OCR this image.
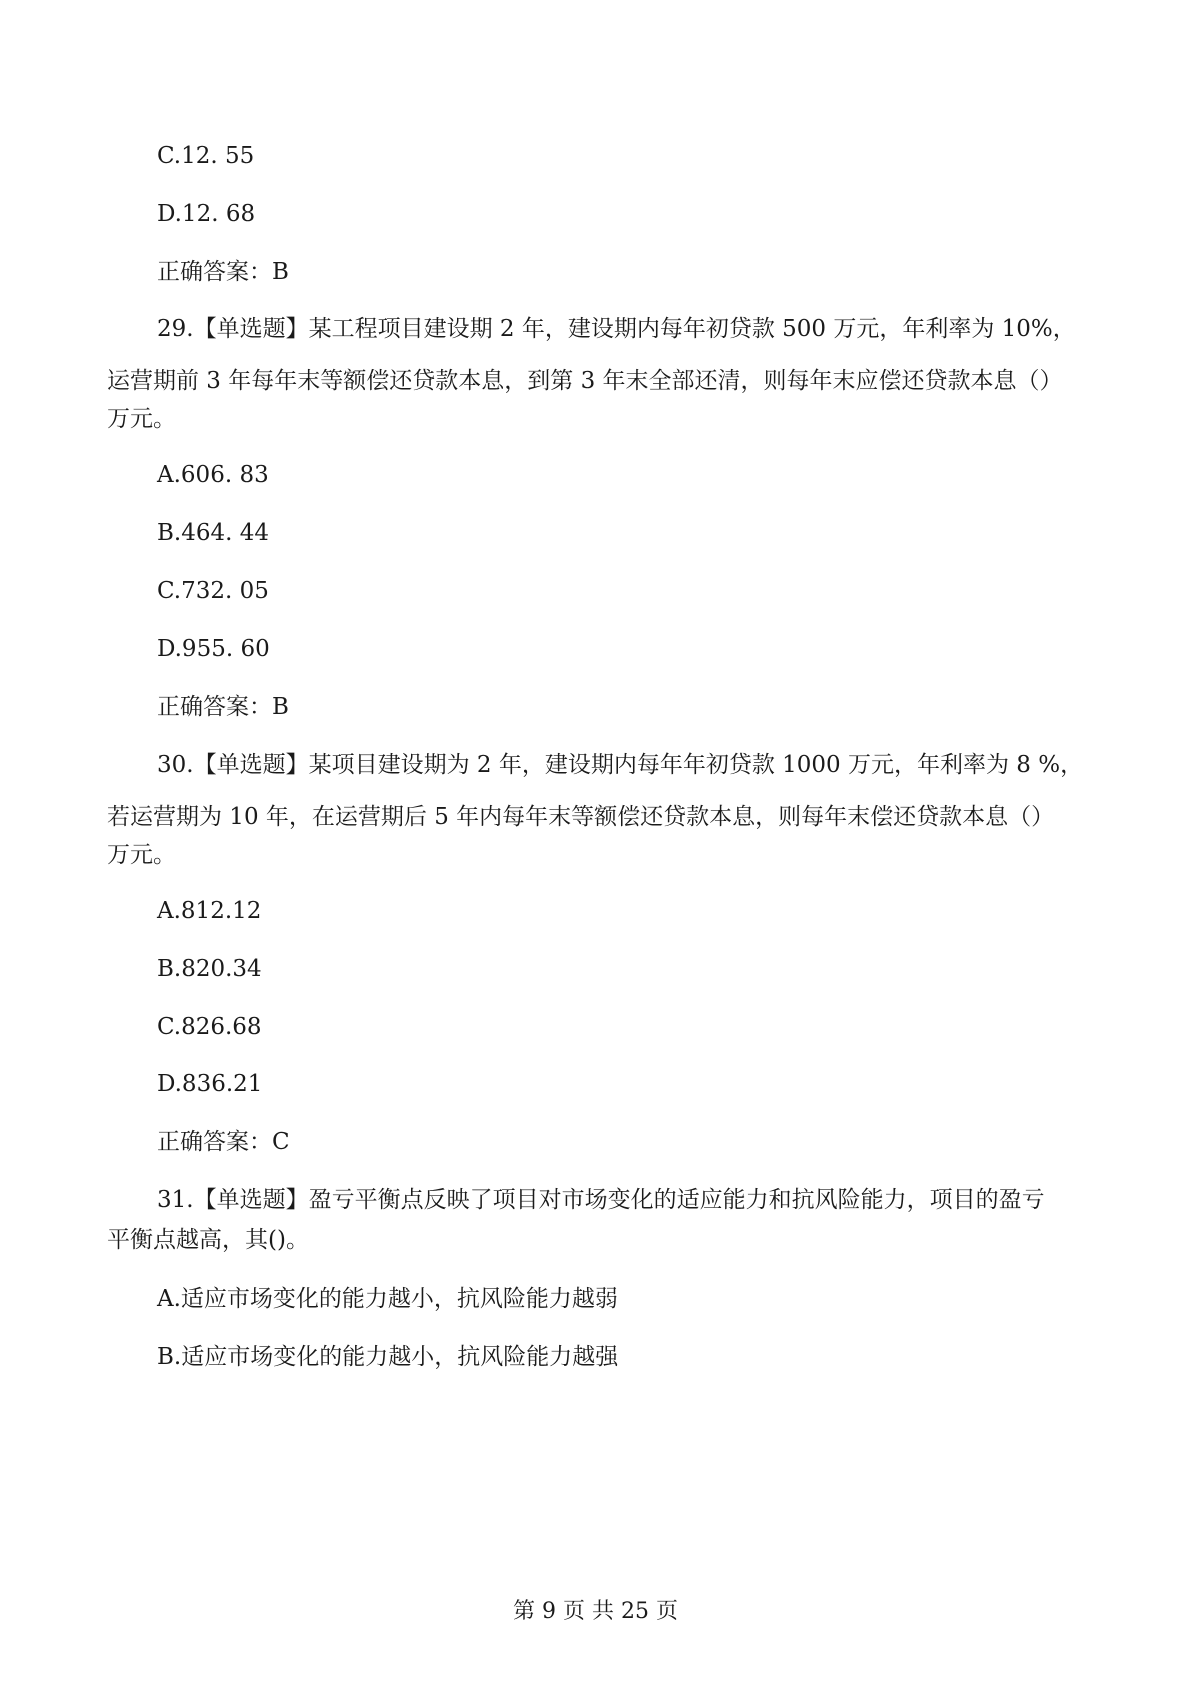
C.12. 55

D.12. 68

正确答案：B

29.【单选题】某工程项目建设期 2 年，建设期内每年初贷款 500 万元，年利率为 10%，

运营期前 3 年每年末等额偿还贷款本息，到第 3 年末全部还清，则每年末应偿还贷款本息（）

万元。

A.606. 83

B.464. 44

C.732. 05

D.955. 60

正确答案：B

30.【单选题】某项目建设期为 2 年，建设期内每年年初贷款 1000 万元，年利率为 8 %，

若运营期为 10 年，在运营期后 5 年内每年末等额偿还贷款本息，则每年末偿还贷款本息（）

万元。

A.812.12

B.820.34

C.826.68

D.836.21

正确答案：C

31.【单选题】盈亏平衡点反映了项目对市场变化的适应能力和抗风险能力，项目的盈亏

平衡点越高，其()。

A.适应市场变化的能力越小，抗风险能力越弱

B.适应市场变化的能力越小，抗风险能力越强

第 9 页 共 25 页
